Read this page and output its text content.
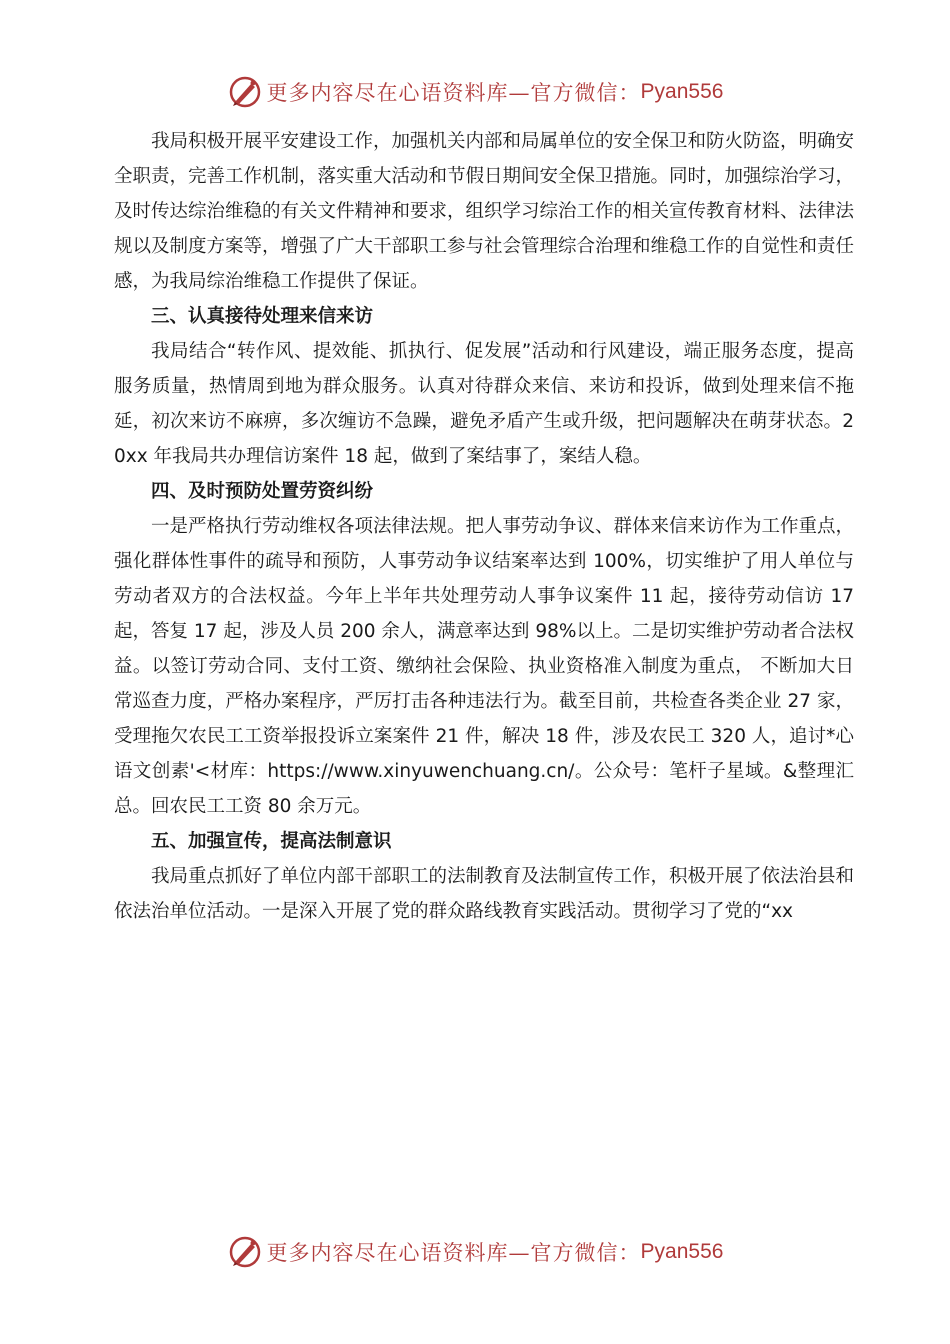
更多内容尽在心语资料库—官方微信： Pyan556

我局积极开展平安建设工作，加强机关内部和局属单位的安全保卫和防火防盗，明确安全职责，完善工作机制，落实重大活动和节假日期间安全保卫措施。同时，加强综治学习，及时传达综治维稳的有关文件精神和要求，组织学习综治工作的相关宣传教育材料、法律法规以及制度方案等，增强了广大干部职工参与社会管理综合治理和维稳工作的自觉性和责任感，为我局综治维稳工作提供了保证。

三、认真接待处理来信来访

我局结合“转作风、提效能、抓执行、促发展”活动和行风建设，端正服务态度，提高服务质量，热情周到地为群众服务。认真对待群众来信、来访和投诉，做到处理来信不拖延，初次来访不麻痹，多次缠访不急躁，避免矛盾产生或升级，把问题解决在萌芽状态。20xx 年我局共办理信访案件 18 起，做到了案结事了，案结人稳。

四、及时预防处置劳资纠纷

一是严格执行劳动维权各项法律法规。把人事劳动争议、群体来信来访作为工作重点，强化群体性事件的疏导和预防，人事劳动争议结案率达到 100%，切实维护了用人单位与劳动者双方的合法权益。今年上半年共处理劳动人事争议案件 11 起，接待劳动信访 17 起，答复 17 起，涉及人员 200 余人，满意率达到 98%以上。二是切实维护劳动者合法权益。以签订劳动合同、支付工资、缴纳社会保险、执业资格准入制度为重点， 不断加大日常巡查力度，严格办案程序，严厉打击各种违法行为。截至目前，共检查各类企业 27 家，受理拖欠农民工工资举报投诉立案案件 21 件，解决 18 件，涉及农民工 320 人，追讨*心语文创素'<材库：https://www.xinyuwenchuang.cn/。公众号：笔杆子星域。&整理汇总。回农民工工资 80 余万元。

五、加强宣传，提高法制意识

我局重点抓好了单位内部干部职工的法制教育及法制宣传工作，积极开展了依法治县和依法治单位活动。一是深入开展了党的群众路线教育实践活动。贯彻学习了党的“xx

更多内容尽在心语资料库—官方微信： Pyan556
